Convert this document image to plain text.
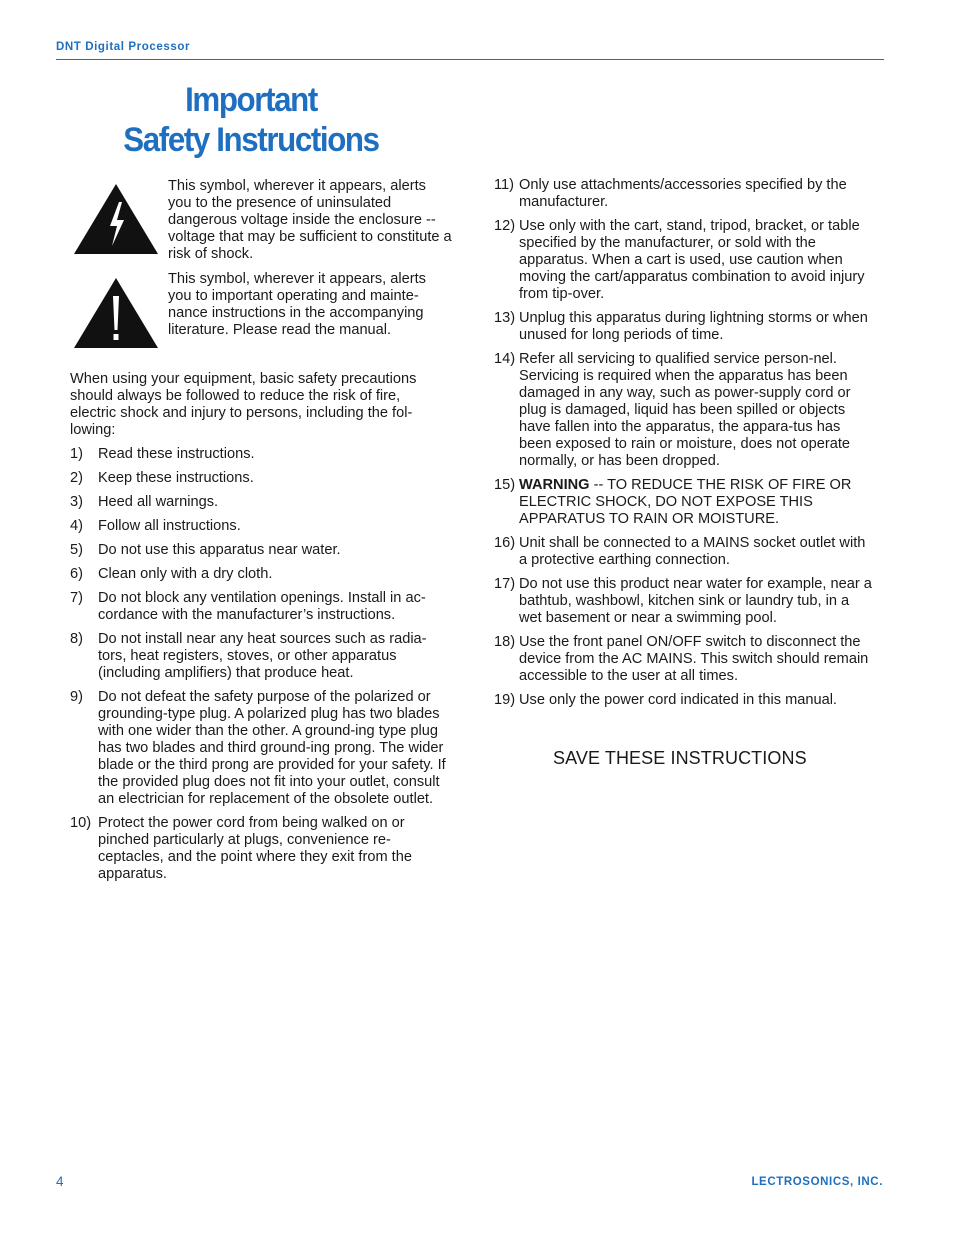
DNT Digital Processor
Important
Safety Instructions
This symbol, wherever it appears, alerts you to the presence of uninsulated dangerous voltage inside the enclosure -- voltage that may be sufficient to constitute a risk of shock.
This symbol, wherever it appears, alerts you to important operating and mainte-nance instructions in the accompanying literature. Please read the manual.
When using your equipment, basic safety precautions should always be followed to reduce the risk of fire, electric shock and injury to persons, including the fol-lowing:
1) Read these instructions.
2) Keep these instructions.
3) Heed all warnings.
4) Follow all instructions.
5) Do not use this apparatus near water.
6) Clean only with a dry cloth.
7) Do not block any ventilation openings. Install in ac-cordance with the manufacturer’s instructions.
8) Do not install near any heat sources such as radia-tors, heat registers, stoves, or other apparatus (including amplifiers) that produce heat.
9) Do not defeat the safety purpose of the polarized or grounding-type plug. A polarized plug has two blades with one wider than the other. A ground-ing type plug has two blades and third ground-ing prong. The wider blade or the third prong are provided for your safety. If the provided plug does not fit into your outlet, consult an electrician for replacement of the obsolete outlet.
10) Protect the power cord from being walked on or pinched particularly at plugs, convenience re-ceptacles, and the point where they exit from the apparatus.
11) Only use attachments/accessories specified by the manufacturer.
12) Use only with the cart, stand, tripod, bracket, or table specified by the manufacturer, or sold with the apparatus. When a cart is used, use caution when moving the cart/apparatus combination to avoid injury from tip-over.
13) Unplug this apparatus during lightning storms or when unused for long periods of time.
14) Refer all servicing to qualified service person-nel. Servicing is required when the apparatus has been damaged in any way, such as power-supply cord or plug is damaged, liquid has been spilled or objects have fallen into the apparatus, the appara-tus has been exposed to rain or moisture, does not operate normally, or has been dropped.
15) WARNING -- TO REDUCE THE RISK OF FIRE OR ELECTRIC SHOCK, DO NOT EXPOSE THIS APPARATUS TO RAIN OR MOISTURE.
16) Unit shall be connected to a MAINS socket outlet with a protective earthing connection.
17) Do not use this product near water for example, near a bathtub, washbowl, kitchen sink or laundry tub, in a wet basement or near a swimming pool.
18) Use the front panel ON/OFF switch to disconnect the device from the AC MAINS. This switch should remain accessible to the user at all times.
19) Use only the power cord indicated in this manual.
SAVE THESE INSTRUCTIONS
4	LECTROSONICS, INC.
